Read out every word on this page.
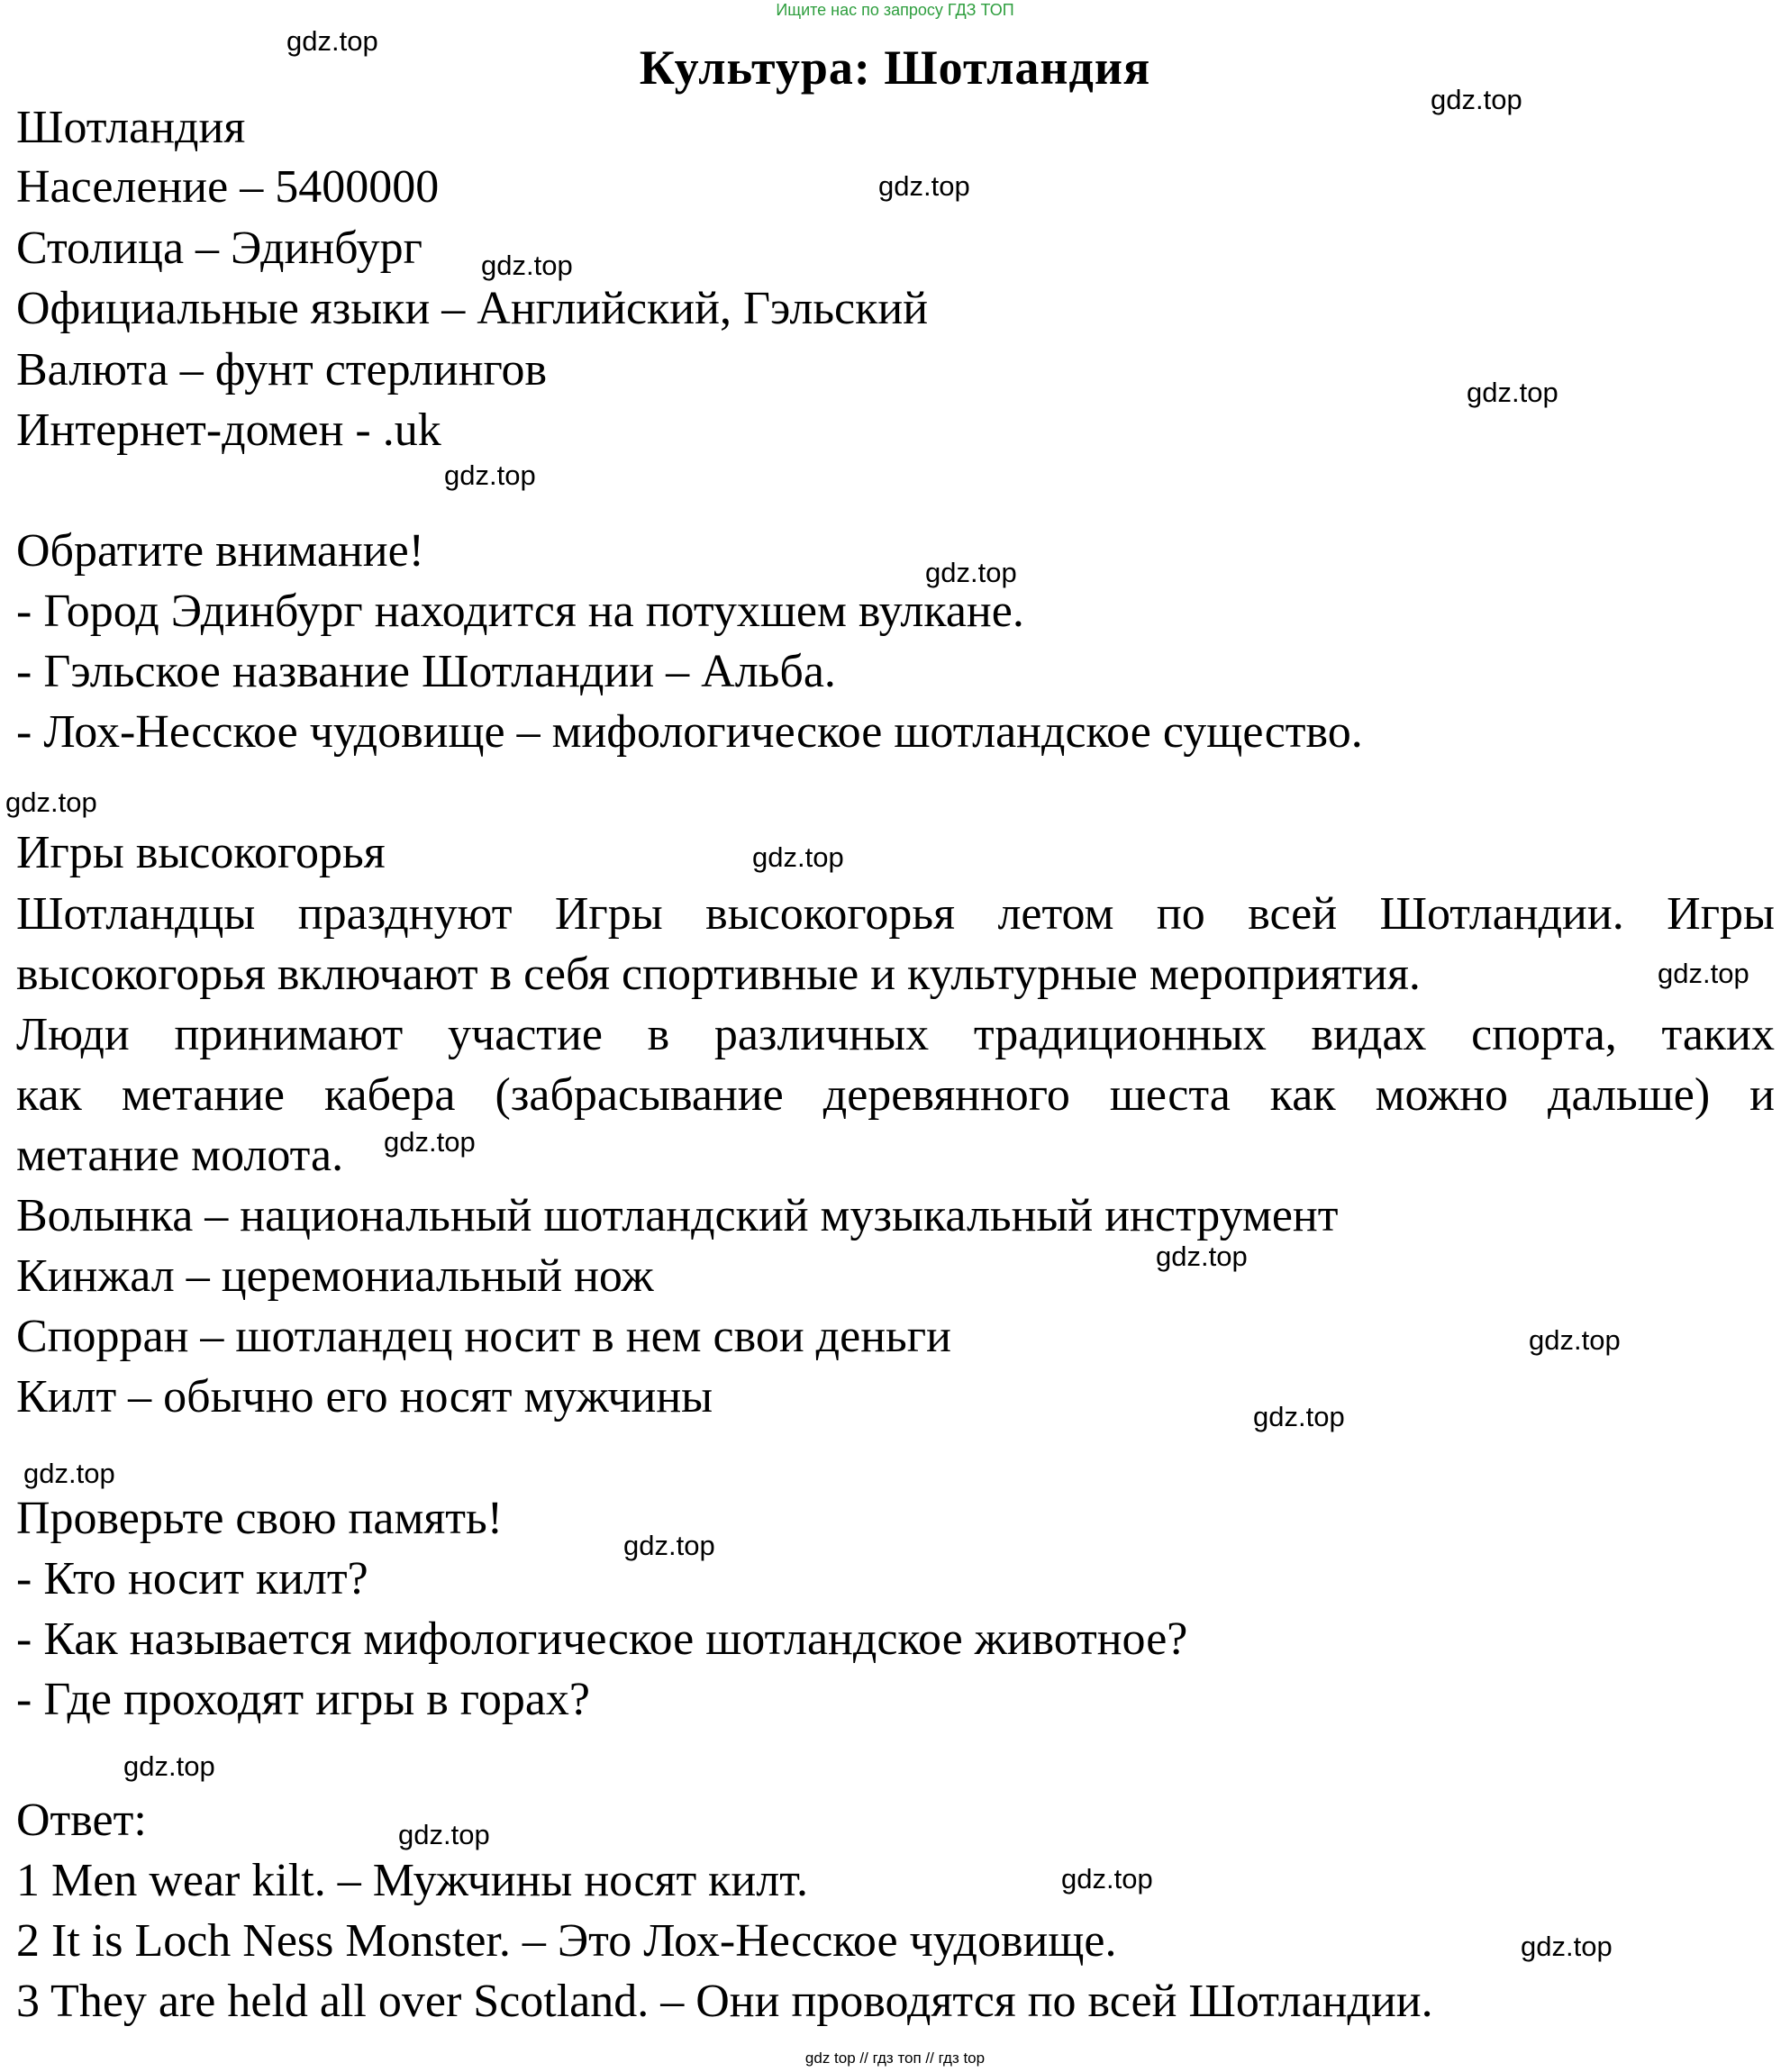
Ищите нас по запросу ГДЗ ТОП
Культура: Шотландия
Шотландия
Население – 5400000
Столица – Эдинбург
Официальные языки – Английский, Гэльский
Валюта – фунт стерлингов
Интернет-домен - .uk
Обратите внимание!
- Город Эдинбург находится на потухшем вулкане.
- Гэльское название Шотландии – Альба.
- Лох-Несское чудовище – мифологическое шотландское существо.
Игры высокогорья
Шотландцы празднуют Игры высокогорья летом по всей Шотландии. Игры
высокогорья включают в себя спортивные и культурные мероприятия.
Люди принимают участие в различных традиционных видах спорта, таких
как метание кабера (забрасывание деревянного шеста как можно дальше) и
метание молота.
Волынка – национальный шотландский музыкальный инструмент
Кинжал – церемониальный нож
Спорран – шотландец носит в нем свои деньги
Килт – обычно его носят мужчины
Проверьте свою память!
- Кто носит килт?
- Как называется мифологическое шотландское животное?
- Где проходят игры в горах?
Ответ:
1 Men wear kilt. – Мужчины носят килт.
2 It is Loch Ness Monster. – Это Лох-Несское чудовище.
3 They are held all over Scotland. – Они проводятся по всей Шотландии.
gdz.top
gdz.top
gdz.top
gdz.top
gdz.top
gdz.top
gdz.top
gdz.top
gdz.top
gdz.top
gdz.top
gdz.top
gdz.top
gdz.top
gdz.top
gdz.top
gdz.top
gdz.top
gdz.top
gdz.top
gdz top // гдз топ // гдз top
